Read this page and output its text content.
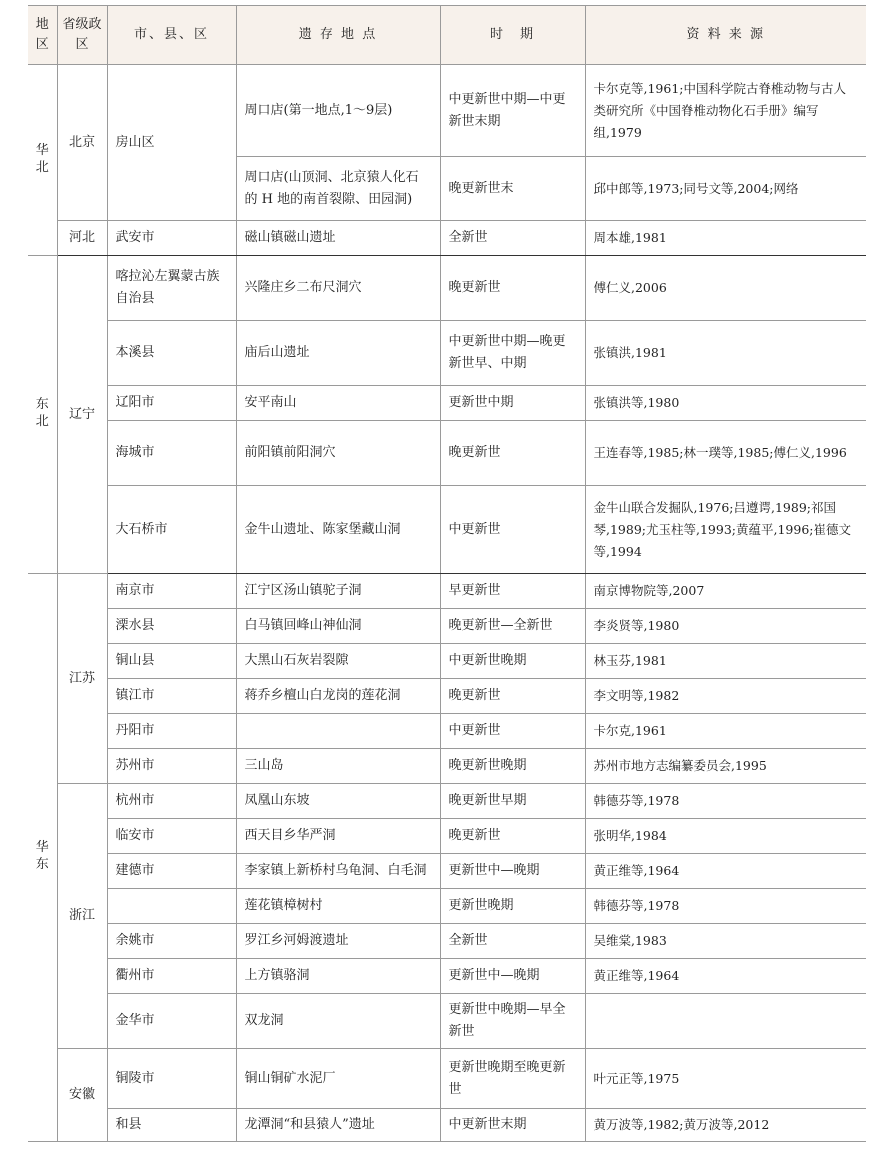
地区	省级政区	市、县、区	遗 存 地 点	时　期	资 料 来 源
华北	北京	房山区	周口店(第一地点,1～9层)	中更新世中期—中更新世末期	卡尔克等,1961;中国科学院古脊椎动物与古人类研究所《中国脊椎动物化石手册》编写组,1979
			周口店(山顶洞、北京猿人化石的 H 地的南首裂隙、田园洞)	晚更新世末	邱中郎等,1973;同号文等,2004;网络
	河北	武安市	磁山镇磁山遗址	全新世	周本雄,1981
东北	辽宁	喀拉沁左翼蒙古族自治县	兴隆庄乡二布尺洞穴	晚更新世	傅仁义,2006
		本溪县	庙后山遗址	中更新世中期—晚更新世早、中期	张镇洪,1981
		辽阳市	安平南山	更新世中期	张镇洪等,1980
		海城市	前阳镇前阳洞穴	晚更新世	王连春等,1985;林一璞等,1985;傅仁义,1996
		大石桥市	金牛山遗址、陈家堡藏山洞	中更新世	金牛山联合发掘队,1976;吕遵谔,1989;祁国琴,1989;尤玉柱等,1993;黄蕴平,1996;崔德文等,1994
华东	江苏	南京市	江宁区汤山镇驼子洞	早更新世	南京博物院等,2007
		溧水县	白马镇回峰山神仙洞	晚更新世—全新世	李炎贤等,1980
		铜山县	大黑山石灰岩裂隙	中更新世晚期	林玉芬,1981
		镇江市	蒋乔乡檀山白龙岗的莲花洞	晚更新世	李文明等,1982
		丹阳市		中更新世	卡尔克,1961
		苏州市	三山岛	晚更新世晚期	苏州市地方志编纂委员会,1995
	浙江	杭州市	凤凰山东坡	晚更新世早期	韩德芬等,1978
		临安市	西天目乡华严洞	晚更新世	张明华,1984
		建德市	李家镇上新桥村乌龟洞、白毛洞	更新世中—晚期	黄正维等,1964
			莲花镇樟树村	更新世晚期	韩德芬等,1978
		余姚市	罗江乡河姆渡遗址	全新世	吴维棠,1983
		衢州市	上方镇骆洞	更新世中—晚期	黄正维等,1964
		金华市	双龙洞	更新世中晚期—早全新世	
	安徽	铜陵市	铜山铜矿水泥厂	更新世晚期至晚更新世	叶元正等,1975
		和县	龙潭洞“和县猿人”遗址	中更新世末期	黄万波等,1982;黄万波等,2012
